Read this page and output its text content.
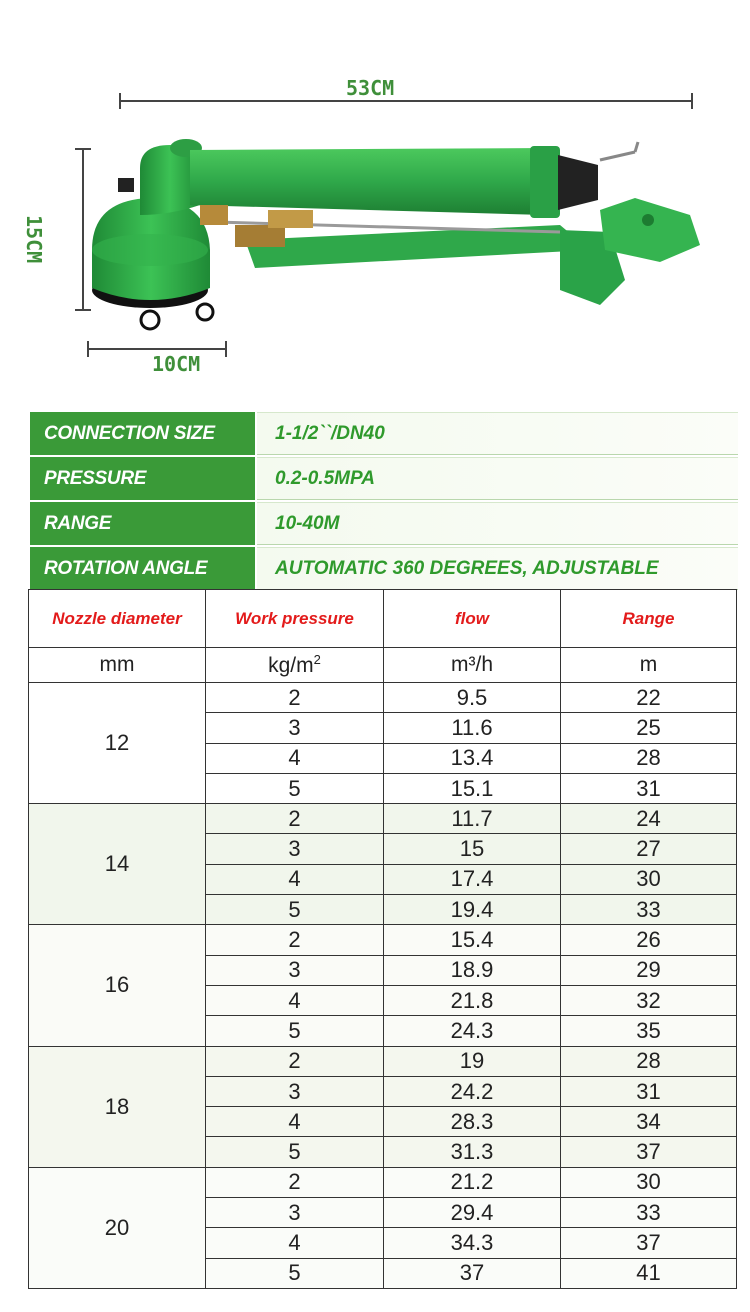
53CM
15CM
10CM
CONNECTION SIZE	1-1/2``/DN40
PRESSURE	0.2-0.5MPA
RANGE	10-40M
ROTATION ANGLE	AUTOMATIC 360 DEGREES, ADJUSTABLE
Nozzle diameter	Work pressure	flow	Range
mm	$kg/m^2$	m³/h	m
12	2	9.5	22
	3	11.6	25
	4	13.4	28
	5	15.1	31
14	2	11.7	24
	3	15	27
	4	17.4	30
	5	19.4	33
16	2	15.4	26
	3	18.9	29
	4	21.8	32
	5	24.3	35
18	2	19	28
	3	24.2	31
	4	28.3	34
	5	31.3	37
20	2	21.2	30
	3	29.4	33
	4	34.3	37
	5	37	41
